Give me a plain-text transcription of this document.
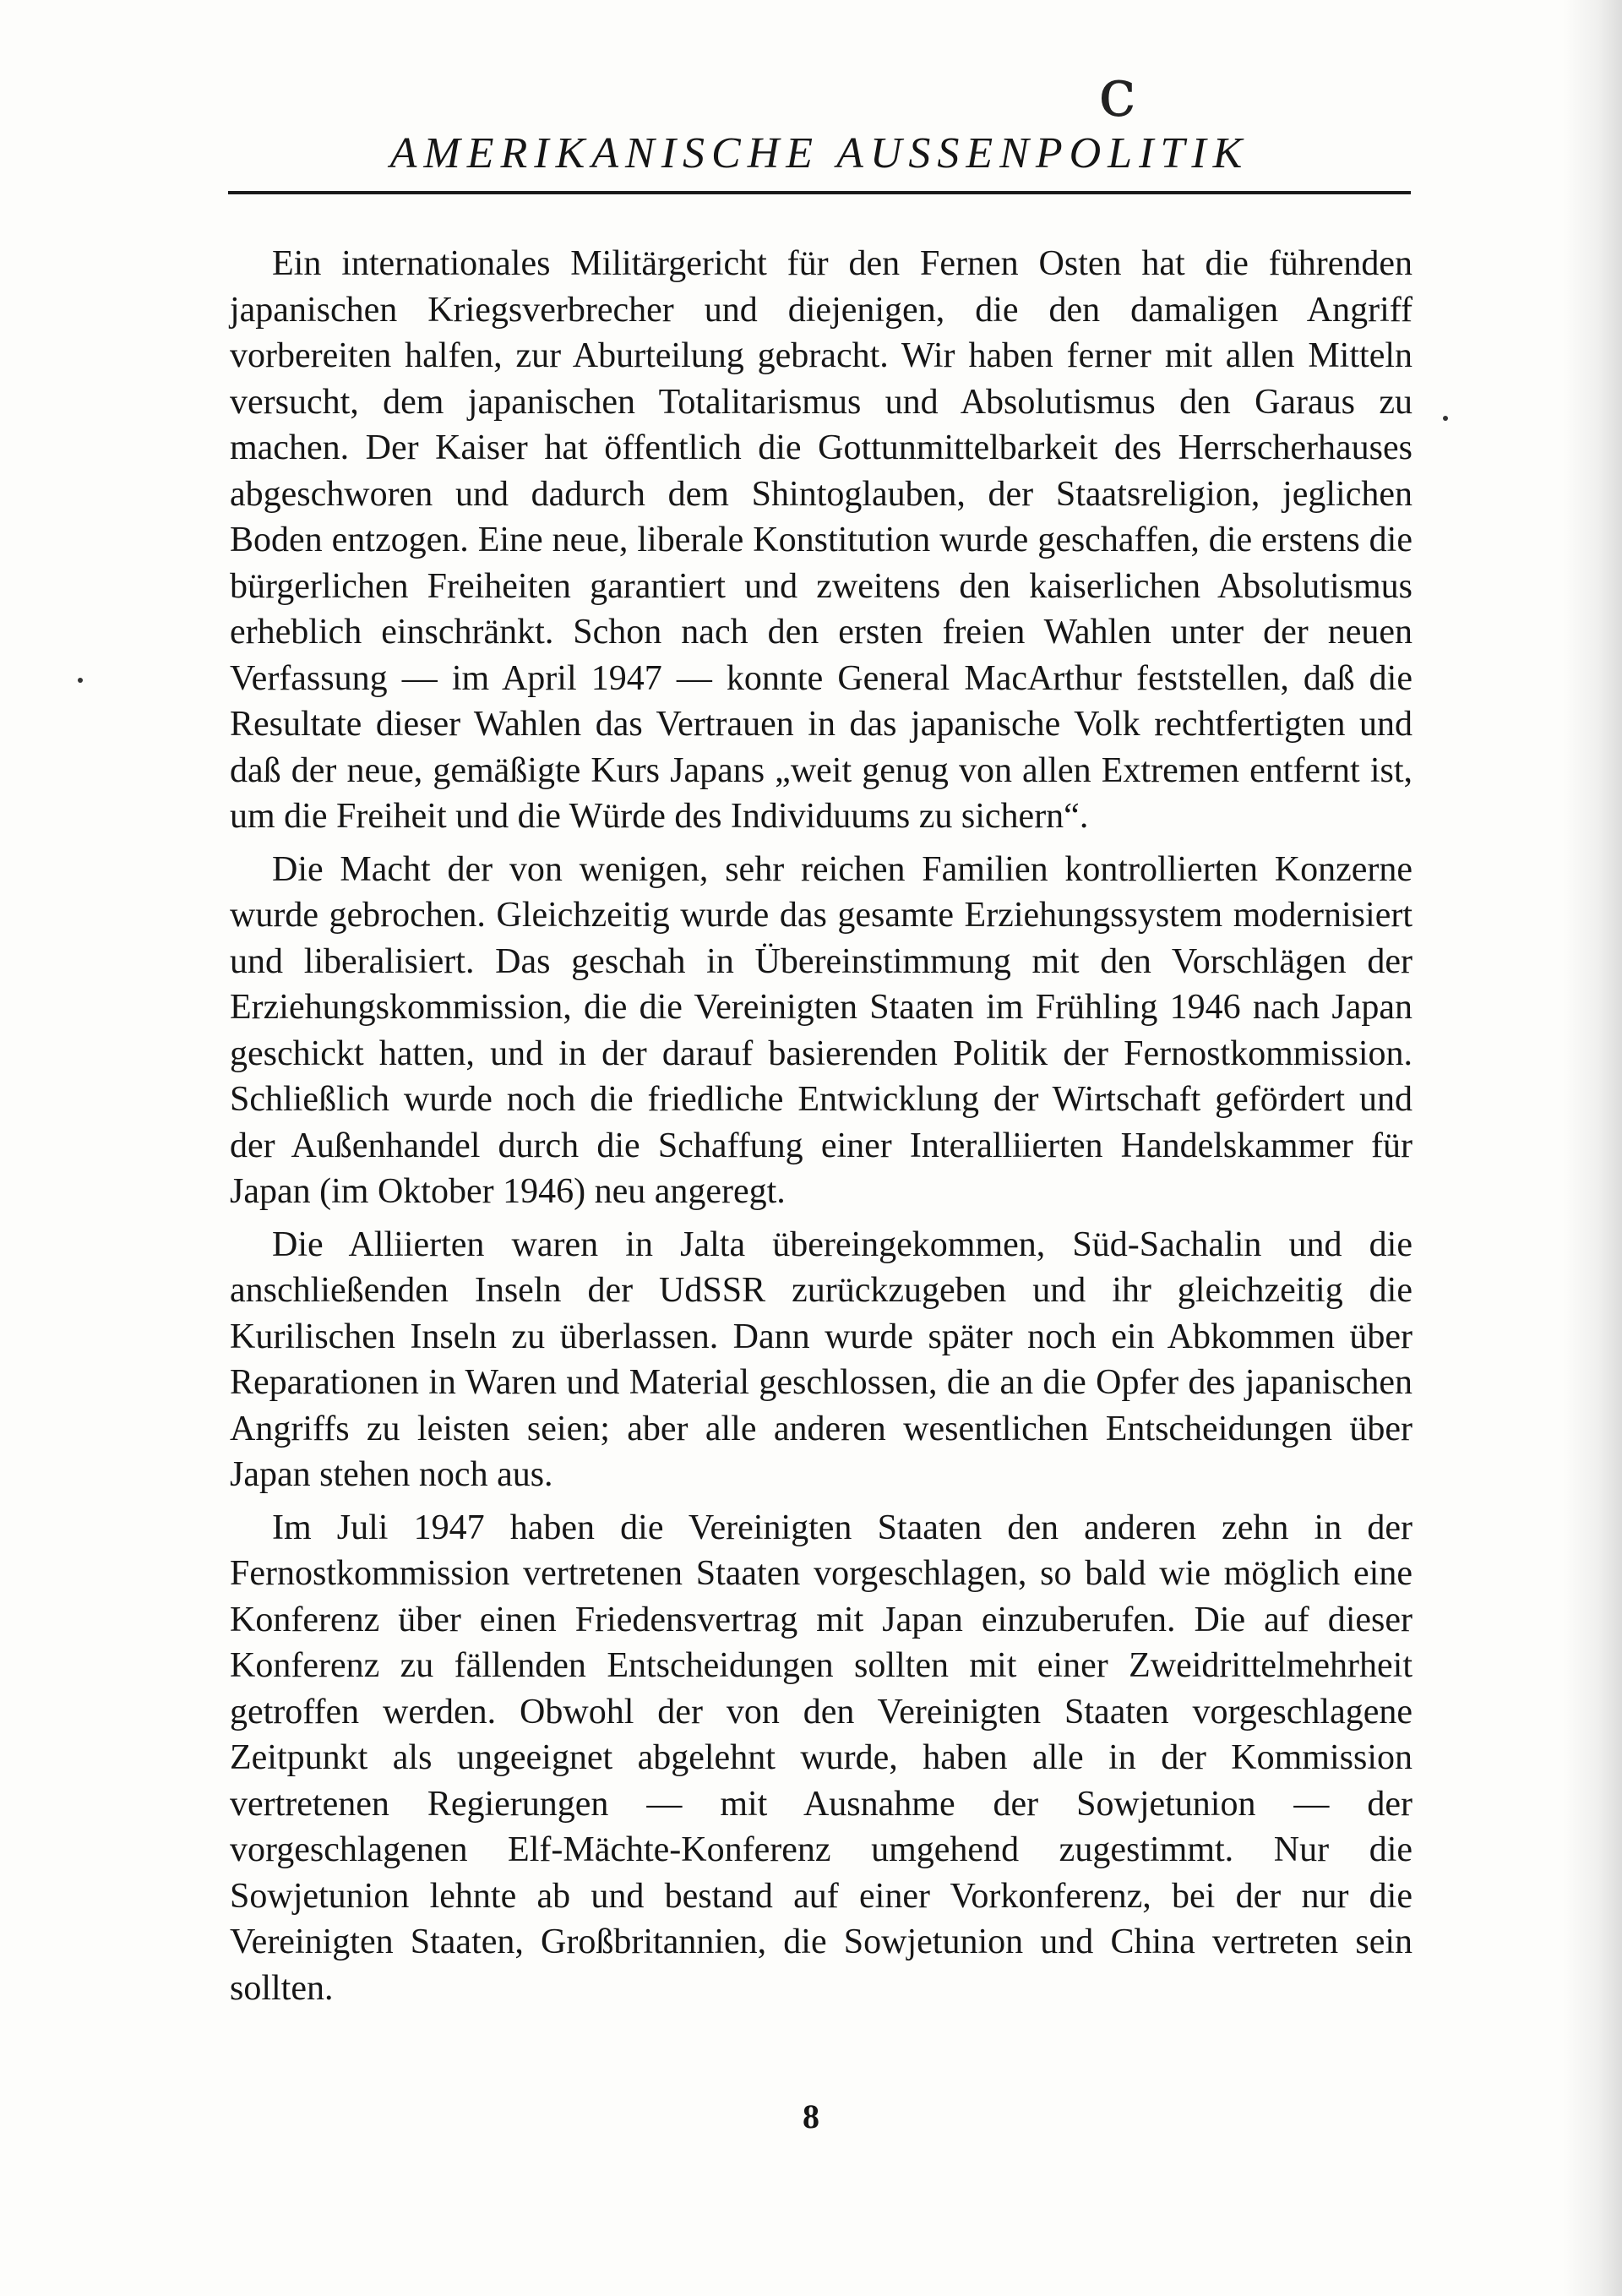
c
AMERIKANISCHE AUSSENPOLITIK

Ein internationales Militärgericht für den Fernen Osten hat die führenden japanischen Kriegsverbrecher und diejenigen, die den damaligen Angriff vorbereiten halfen, zur Aburteilung gebracht. Wir haben ferner mit allen Mitteln versucht, dem japanischen Totalitarismus und Absolutismus den Garaus zu machen. Der Kaiser hat öffentlich die Gottunmittelbarkeit des Herrscherhauses abgeschworen und dadurch dem Shintoglauben, der Staatsreligion, jeglichen Boden entzogen. Eine neue, liberale Konstitution wurde geschaffen, die erstens die bürgerlichen Freiheiten garantiert und zweitens den kaiserlichen Absolutismus erheblich einschränkt. Schon nach den ersten freien Wahlen unter der neuen Verfassung — im April 1947 — konnte General MacArthur feststellen, daß die Resultate dieser Wahlen das Vertrauen in das japanische Volk rechtfertigten und daß der neue, gemäßigte Kurs Japans „weit genug von allen Extremen entfernt ist, um die Freiheit und die Würde des Individuums zu sichern“.

Die Macht der von wenigen, sehr reichen Familien kontrollierten Konzerne wurde gebrochen. Gleichzeitig wurde das gesamte Erziehungssystem modernisiert und liberalisiert. Das geschah in Übereinstimmung mit den Vorschlägen der Erziehungskommission, die die Vereinigten Staaten im Frühling 1946 nach Japan geschickt hatten, und in der darauf basierenden Politik der Fernostkommission. Schließlich wurde noch die friedliche Entwicklung der Wirtschaft gefördert und der Außenhandel durch die Schaffung einer Interalliierten Handelskammer für Japan (im Oktober 1946) neu angeregt.

Die Alliierten waren in Jalta übereingekommen, Süd-Sachalin und die anschließenden Inseln der UdSSR zurückzugeben und ihr gleichzeitig die Kurilischen Inseln zu überlassen. Dann wurde später noch ein Abkommen über Reparationen in Waren und Material geschlossen, die an die Opfer des japanischen Angriffs zu leisten seien; aber alle anderen wesentlichen Entscheidungen über Japan stehen noch aus.

Im Juli 1947 haben die Vereinigten Staaten den anderen zehn in der Fernostkommission vertretenen Staaten vorgeschlagen, so bald wie möglich eine Konferenz über einen Friedensvertrag mit Japan einzuberufen. Die auf dieser Konferenz zu fällenden Entscheidungen sollten mit einer Zweidrittelmehrheit getroffen werden. Obwohl der von den Vereinigten Staaten vorgeschlagene Zeitpunkt als ungeeignet abgelehnt wurde, haben alle in der Kommission vertretenen Regierungen — mit Ausnahme der Sowjetunion — der vorgeschlagenen Elf-Mächte-Konferenz umgehend zugestimmt. Nur die Sowjetunion lehnte ab und bestand auf einer Vorkonferenz, bei der nur die Vereinigten Staaten, Großbritannien, die Sowjetunion und China vertreten sein sollten.

8
